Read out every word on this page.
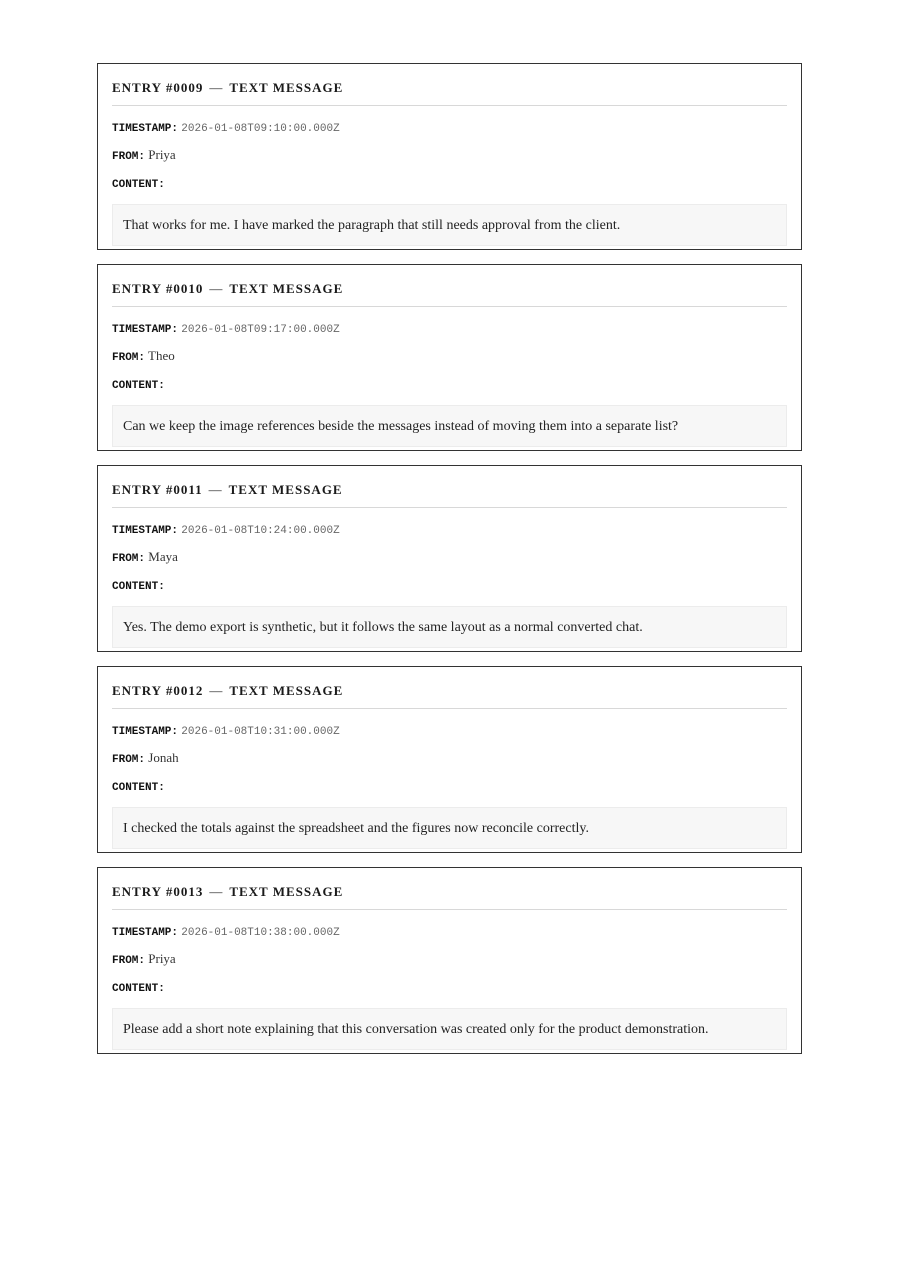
ENTRY #0009 — TEXT MESSAGE

TIMESTAMP: 2026-01-08T09:10:00.000Z

FROM: Priya

CONTENT:

That works for me. I have marked the paragraph that still needs approval from the client.
ENTRY #0010 — TEXT MESSAGE

TIMESTAMP: 2026-01-08T09:17:00.000Z

FROM: Theo

CONTENT:

Can we keep the image references beside the messages instead of moving them into a separate list?
ENTRY #0011 — TEXT MESSAGE

TIMESTAMP: 2026-01-08T10:24:00.000Z

FROM: Maya

CONTENT:

Yes. The demo export is synthetic, but it follows the same layout as a normal converted chat.
ENTRY #0012 — TEXT MESSAGE

TIMESTAMP: 2026-01-08T10:31:00.000Z

FROM: Jonah

CONTENT:

I checked the totals against the spreadsheet and the figures now reconcile correctly.
ENTRY #0013 — TEXT MESSAGE

TIMESTAMP: 2026-01-08T10:38:00.000Z

FROM: Priya

CONTENT:

Please add a short note explaining that this conversation was created only for the product demonstration.
